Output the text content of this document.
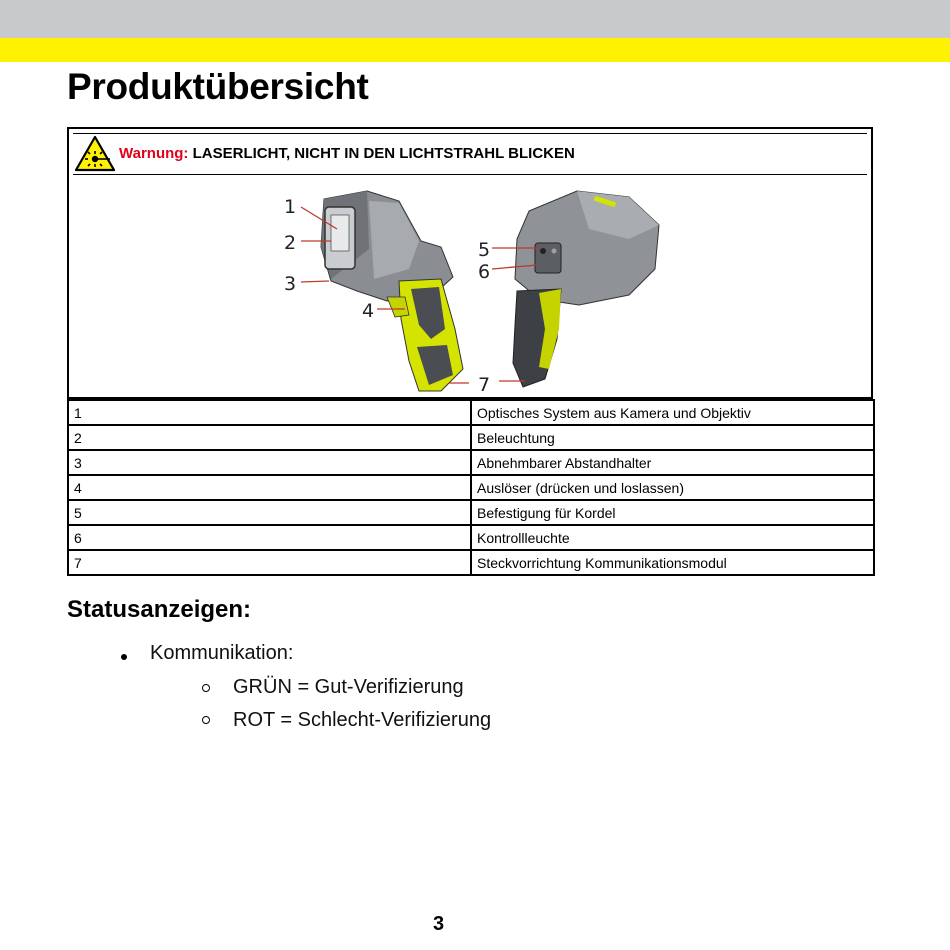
Produktübersicht
Warnung: LASERLICHT, NICHT IN DEN LICHTSTRAHL BLICKEN
1
2
3
4
5
6
7
1	Optisches System aus Kamera und Objektiv
2	Beleuchtung
3	Abnehmbarer Abstandhalter
4	Auslöser (drücken und loslassen)
5	Befestigung für Kordel
6	Kontrollleuchte
7	Steckvorrichtung Kommunikationsmodul
Statusanzeigen:
Kommunikation:
GRÜN = Gut-Verifizierung
ROT = Schlecht-Verifizierung
3
